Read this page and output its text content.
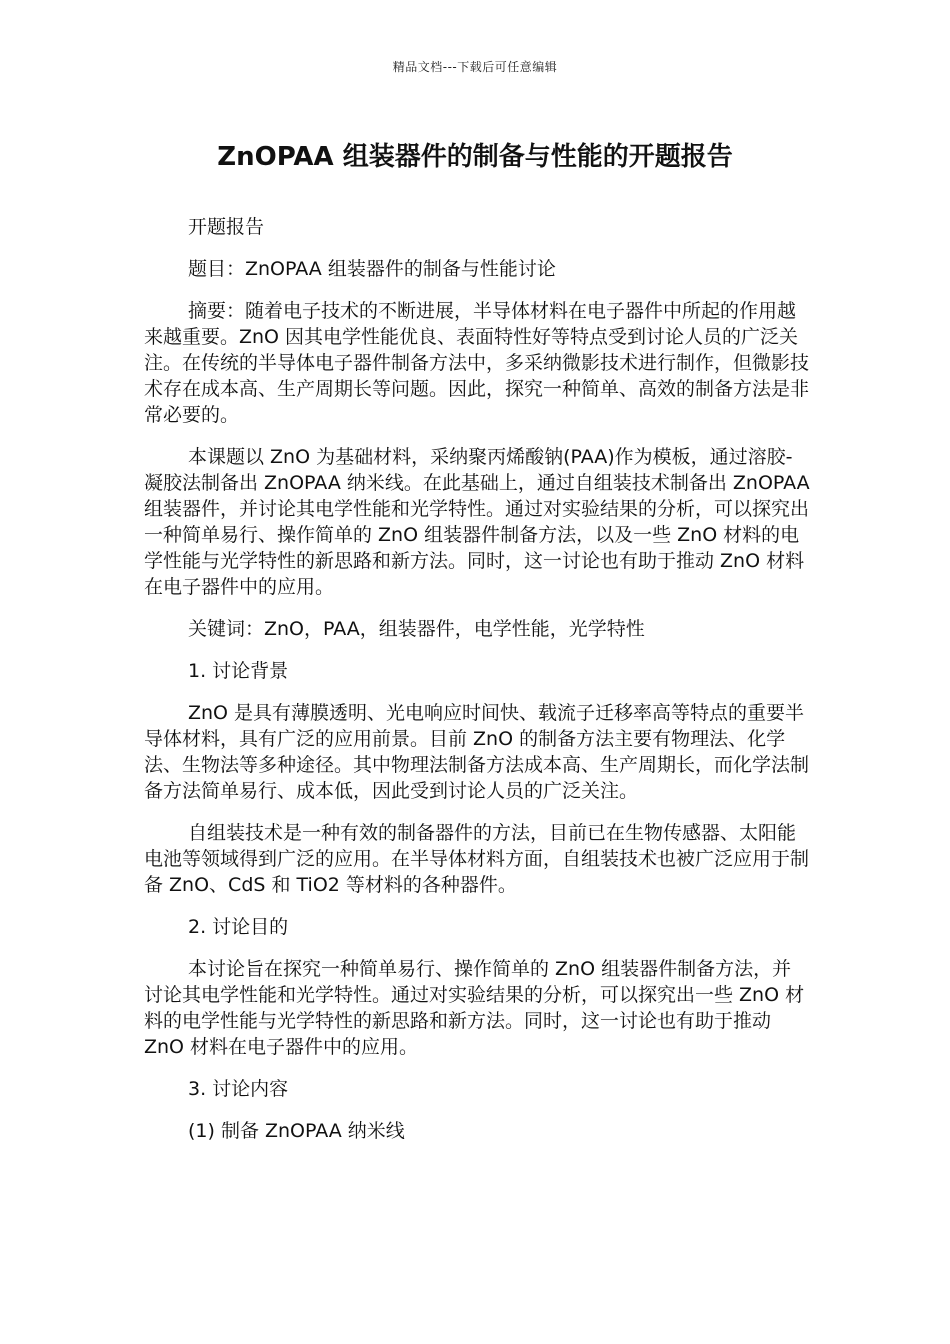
精品文档---下载后可任意编辑
ZnOPAA 组装器件的制备与性能的开题报告

开题报告

题目：ZnOPAA 组装器件的制备与性能讨论

摘要：随着电子技术的不断进展，半导体材料在电子器件中所起的作用越来越重要。ZnO 因其电学性能优良、表面特性好等特点受到讨论人员的广泛关注。在传统的半导体电子器件制备方法中，多采纳微影技术进行制作，但微影技术存在成本高、生产周期长等问题。因此，探究一种简单、高效的制备方法是非常必要的。

本课题以 ZnO 为基础材料，采纳聚丙烯酸钠(PAA)作为模板，通过溶胶-凝胶法制备出 ZnOPAA 纳米线。在此基础上，通过自组装技术制备出 ZnOPAA 组装器件，并讨论其电学性能和光学特性。通过对实验结果的分析，可以探究出一种简单易行、操作简单的 ZnO 组装器件制备方法，以及一些 ZnO 材料的电学性能与光学特性的新思路和新方法。同时，这一讨论也有助于推动 ZnO 材料在电子器件中的应用。

关键词：ZnO，PAA，组装器件，电学性能，光学特性

1. 讨论背景

ZnO 是具有薄膜透明、光电响应时间快、载流子迁移率高等特点的重要半导体材料，具有广泛的应用前景。目前 ZnO 的制备方法主要有物理法、化学法、生物法等多种途径。其中物理法制备方法成本高、生产周期长，而化学法制备方法简单易行、成本低，因此受到讨论人员的广泛关注。

自组装技术是一种有效的制备器件的方法，目前已在生物传感器、太阳能电池等领域得到广泛的应用。在半导体材料方面，自组装技术也被广泛应用于制备 ZnO、CdS 和 TiO2 等材料的各种器件。

2. 讨论目的

本讨论旨在探究一种简单易行、操作简单的 ZnO 组装器件制备方法，并讨论其电学性能和光学特性。通过对实验结果的分析，可以探究出一些 ZnO 材料的电学性能与光学特性的新思路和新方法。同时，这一讨论也有助于推动 ZnO 材料在电子器件中的应用。

3. 讨论内容

(1) 制备 ZnOPAA 纳米线
